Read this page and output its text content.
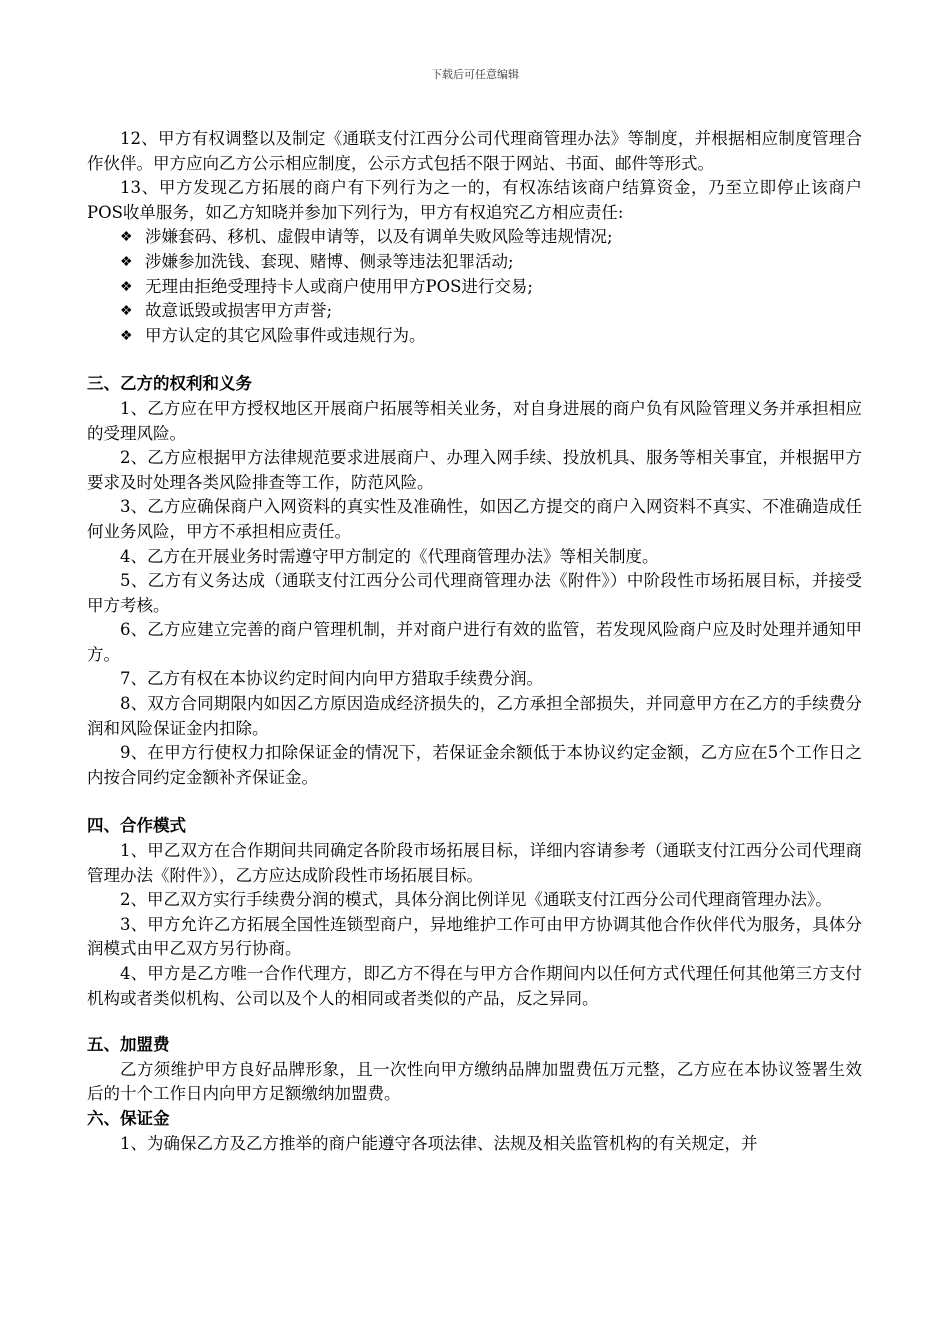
下载后可任意编辑

12、甲方有权调整以及制定《通联支付江西分公司代理商管理办法》等制度，并根据相应制度管理合作伙伴。甲方应向乙方公示相应制度，公示方式包括不限于网站、书面、邮件等形式。

13、甲方发现乙方拓展的商户有下列行为之一的，有权冻结该商户结算资金，乃至立即停止该商户POS收单服务，如乙方知晓并参加下列行为，甲方有权追究乙方相应责任:

❖ 涉嫌套码、移机、虚假申请等，以及有调单失败风险等违规情况;
❖ 涉嫌参加洗钱、套现、赌博、侧录等违法犯罪活动;
❖ 无理由拒绝受理持卡人或商户使用甲方POS进行交易;
❖ 故意诋毁或损害甲方声誉;
❖ 甲方认定的其它风险事件或违规行为。

三、乙方的权利和义务

1、乙方应在甲方授权地区开展商户拓展等相关业务，对自身进展的商户负有风险管理义务并承担相应的受理风险。

2、乙方应根据甲方法律规范要求进展商户、办理入网手续、投放机具、服务等相关事宜，并根据甲方要求及时处理各类风险排查等工作，防范风险。

3、乙方应确保商户入网资料的真实性及准确性，如因乙方提交的商户入网资料不真实、不准确造成任何业务风险，甲方不承担相应责任。

4、乙方在开展业务时需遵守甲方制定的《代理商管理办法》等相关制度。

5、乙方有义务达成（通联支付江西分公司代理商管理办法《附件》）中阶段性市场拓展目标，并接受甲方考核。

6、乙方应建立完善的商户管理机制，并对商户进行有效的监管，若发现风险商户应及时处理并通知甲方。

7、乙方有权在本协议约定时间内向甲方猎取手续费分润。

8、双方合同期限内如因乙方原因造成经济损失的，乙方承担全部损失，并同意甲方在乙方的手续费分润和风险保证金内扣除。

9、在甲方行使权力扣除保证金的情况下，若保证金余额低于本协议约定金额，乙方应在5个工作日之内按合同约定金额补齐保证金。

四、合作模式

1、甲乙双方在合作期间共同确定各阶段市场拓展目标，详细内容请参考（通联支付江西分公司代理商管理办法《附件》），乙方应达成阶段性市场拓展目标。

2、甲乙双方实行手续费分润的模式，具体分润比例详见《通联支付江西分公司代理商管理办法》。

3、甲方允许乙方拓展全国性连锁型商户，异地维护工作可由甲方协调其他合作伙伴代为服务，具体分润模式由甲乙双方另行协商。

4、甲方是乙方唯一合作代理方，即乙方不得在与甲方合作期间内以任何方式代理任何其他第三方支付机构或者类似机构、公司以及个人的相同或者类似的产品，反之异同。

五、加盟费

乙方须维护甲方良好品牌形象，且一次性向甲方缴纳品牌加盟费伍万元整，乙方应在本协议签署生效后的十个工作日内向甲方足额缴纳加盟费。

六、保证金

1、为确保乙方及乙方推举的商户能遵守各项法律、法规及相关监管机构的有关规定，并
